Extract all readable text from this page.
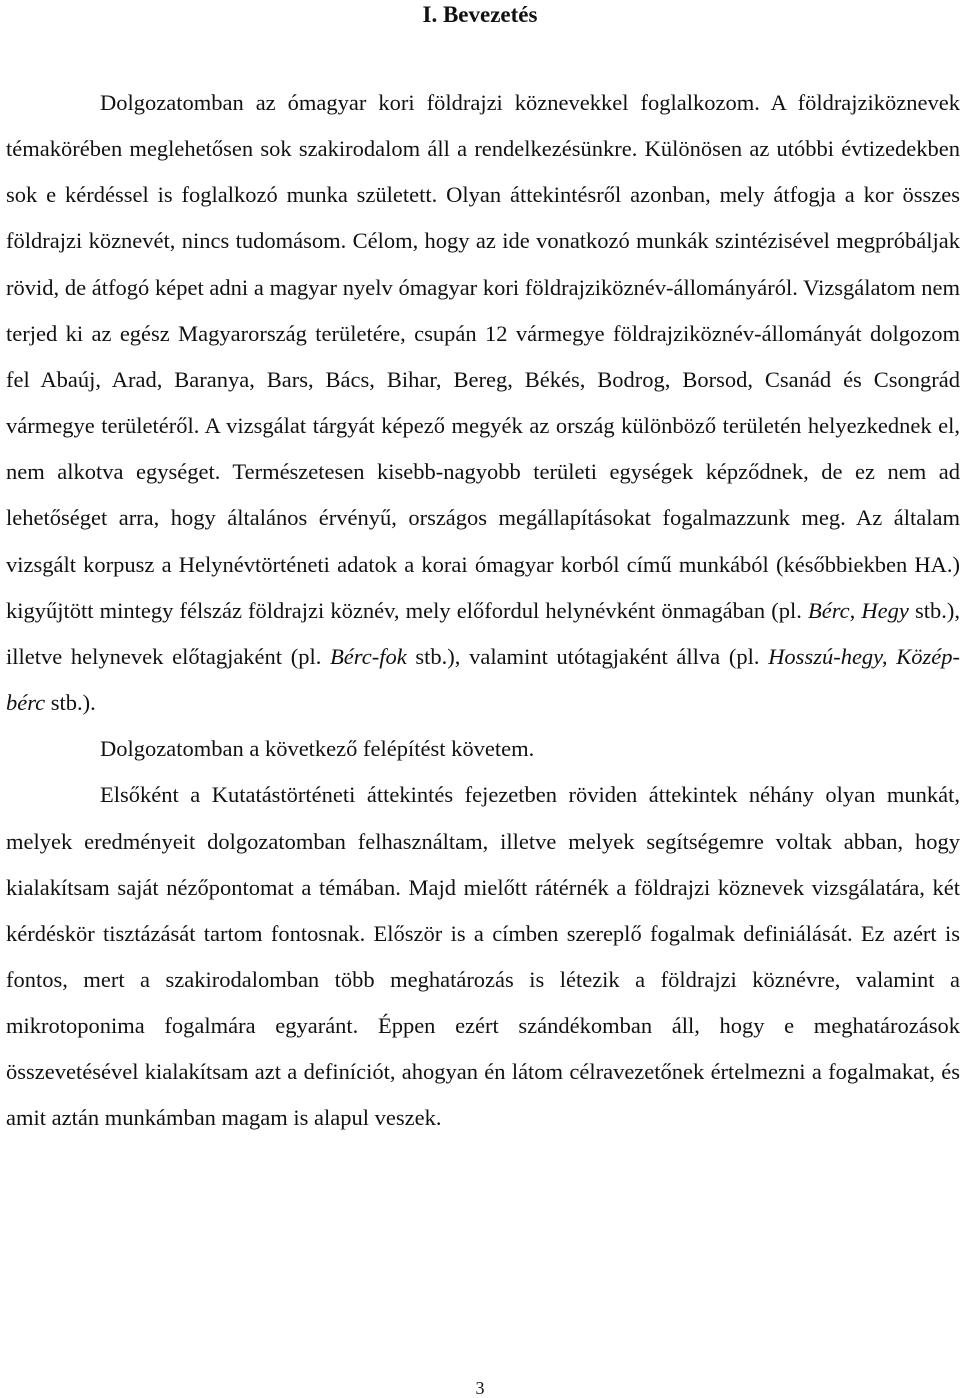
I. Bevezetés

Dolgozatomban az ómagyar kori földrajzi köznevekkel foglalkozom. A földrajziköznevek témakörében meglehetősen sok szakirodalom áll a rendelkezésünkre. Különösen az utóbbi évtizedekben sok e kérdéssel is foglalkozó munka született. Olyan áttekintésről azonban, mely átfogja a kor összes földrajzi köznevét, nincs tudomásom. Célom, hogy az ide vonatkozó munkák szintézisével megpróbáljak rövid, de átfogó képet adni a magyar nyelv ómagyar kori földrajziköznév-állományáról. Vizsgálatom nem terjed ki az egész Magyarország területére, csupán 12 vármegye földrajziköznév-állományát dolgozom fel Abaúj, Arad, Baranya, Bars, Bács, Bihar, Bereg, Békés, Bodrog, Borsod, Csanád és Csongrád vármegye területéről. A vizsgálat tárgyát képező megyék az ország különböző területén helyezkednek el, nem alkotva egységet. Természetesen kisebb-nagyobb területi egységek képződnek, de ez nem ad lehetőséget arra, hogy általános érvényű, országos megállapításokat fogalmazzunk meg. Az általam vizsgált korpusz a Helynévtörténeti adatok a korai ómagyar korból című munkából (későbbiekben HA.) kigyűjtött mintegy félszáz földrajzi köznév, mely előfordul helynévként önmagában (pl. Bérc, Hegy stb.), illetve helynevek előtagjaként (pl. Bérc-fok stb.), valamint utótagjaként állva (pl. Hosszú-hegy, Közép-bérc stb.).

Dolgozatomban a következő felépítést követem.

Elsőként a Kutatástörténeti áttekintés fejezetben röviden áttekintek néhány olyan munkát, melyek eredményeit dolgozatomban felhasználtam, illetve melyek segítségemre voltak abban, hogy kialakítsam saját nézőpontomat a témában. Majd mielőtt rátérnék a földrajzi köznevek vizsgálatára, két kérdéskör tisztázását tartom fontosnak. Először is a címben szereplő fogalmak definiálását. Ez azért is fontos, mert a szakirodalomban több meghatározás is létezik a földrajzi köznévre, valamint a mikrotoponima fogalmára egyaránt. Éppen ezért szándékomban áll, hogy e meghatározások összevetésével kialakítsam azt a definíciót, ahogyan én látom célravezetőnek értelmezni a fogalmakat, és amit aztán munkámban magam is alapul veszek.

3
